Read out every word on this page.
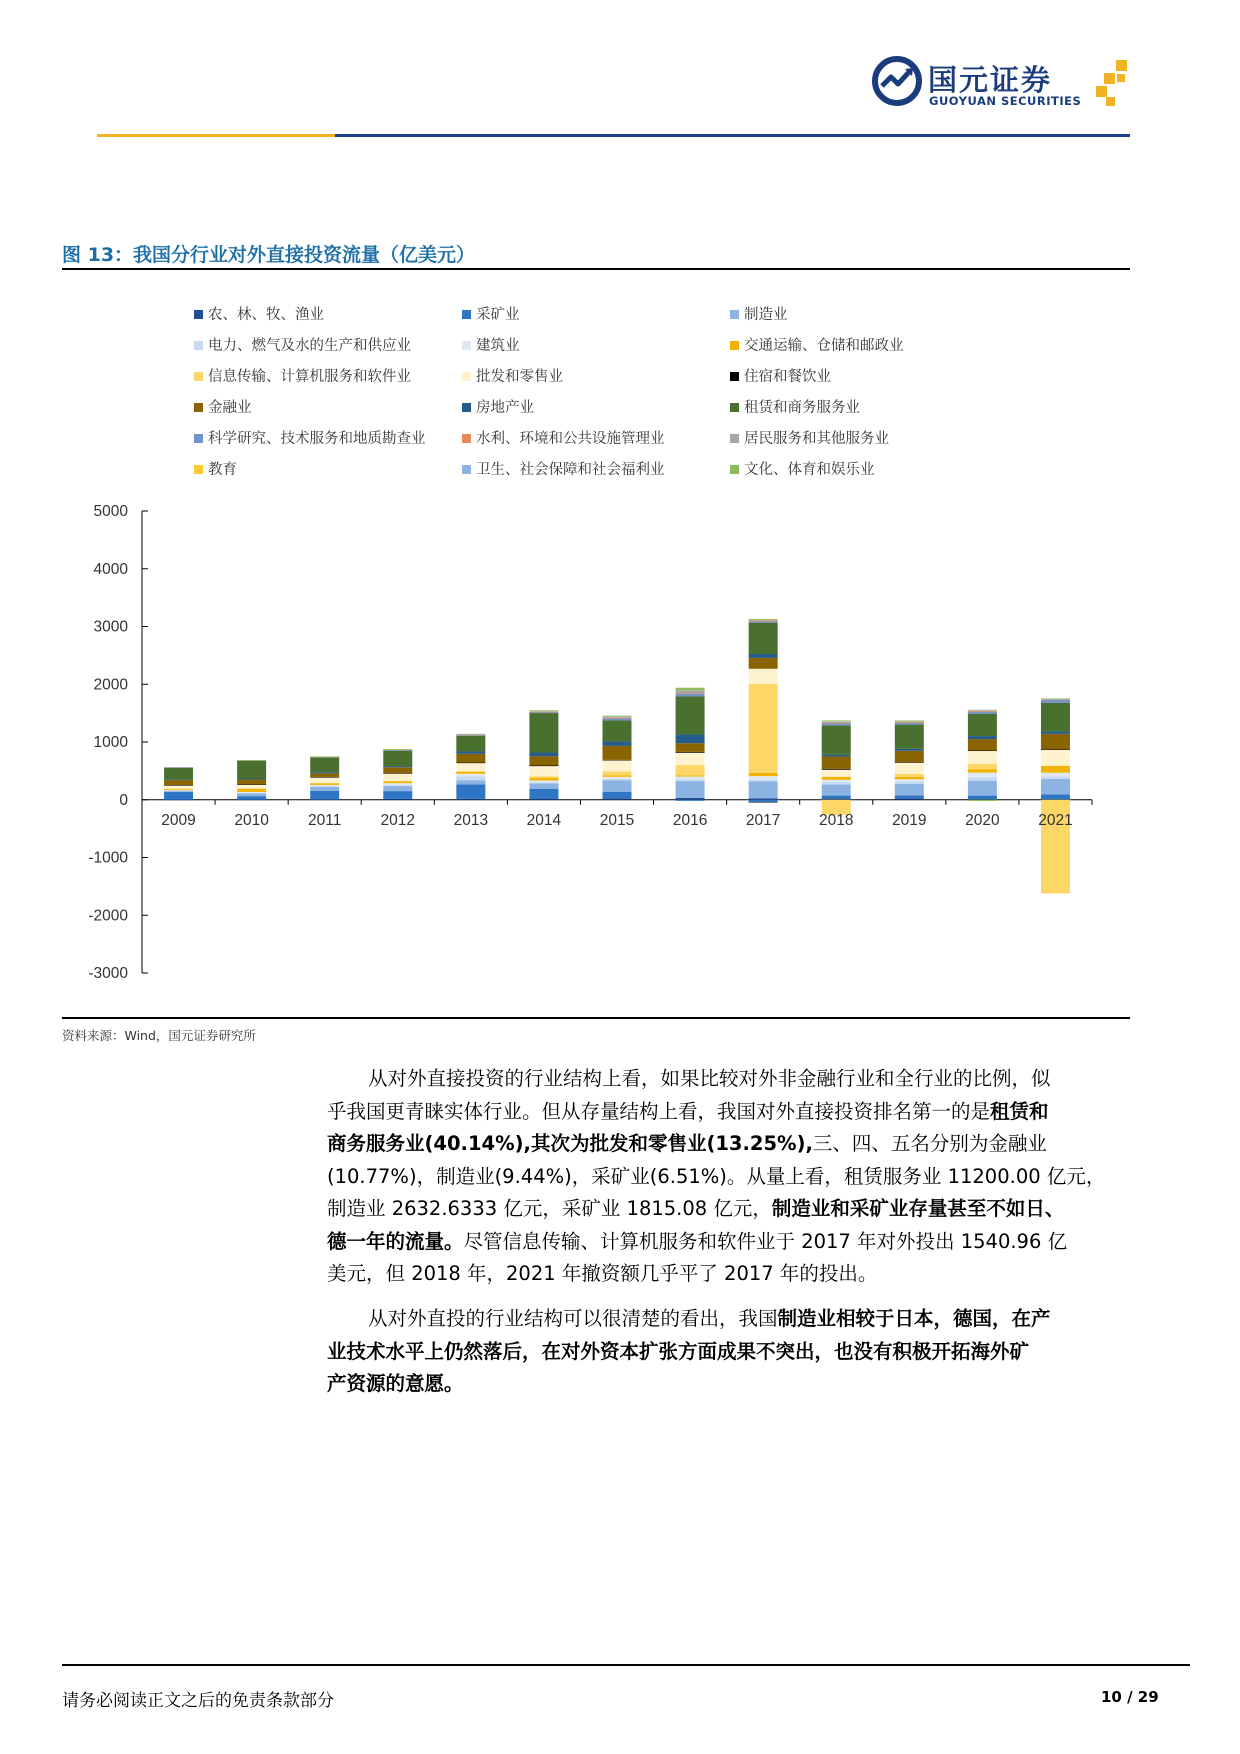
国元证券
GUOYUAN SECURITIES
图 13：我国分行业对外直接投资流量（亿美元）
农、林、牧、渔业	采矿业	制造业
电力、燃气及水的生产和供应业	建筑业	交通运输、仓储和邮政业
信息传输、计算机服务和软件业	批发和零售业	住宿和餐饮业
金融业	房地产业	租赁和商务服务业
科学研究、技术服务和地质勘查业	水利、环境和公共设施管理业	居民服务和其他服务业
教育	卫生、社会保障和社会福利业	文化、体育和娱乐业
5000
4000
3000
2000
1000
0
-1000
-2000
-3000
2009 2010	2011	2012 2013 2014 2015 2016 2017 2018 2019 2020 2021
资料来源：Wind，国元证券研究所
从对外直接投资的行业结构上看，如果比较对外非金融行业和全行业的比例，似
乎我国更青睐实体行业。但从存量结构上看，我国对外直接投资排名第一的是租赁和
商务服务业(40.14%),其次为批发和零售业(13.25%),三、四、五名分别为金融业
(10.77%)，制造业(9.44%)，采矿业(6.51%)。从量上看，租赁服务业 11200.00 亿元，
制造业 2632.6333 亿元，采矿业 1815.08 亿元，制造业和采矿业存量甚至不如日、
德一年的流量。尽管信息传输、计算机服务和软件业于 2017 年对外投出 1540.96 亿
美元，但 2018 年，2021 年撤资额几乎平了 2017 年的投出。
从对外直投的行业结构可以很清楚的看出，我国制造业相较于日本，德国，在产
业技术水平上仍然落后，在对外资本扩张方面成果不突出，也没有积极开拓海外矿
产资源的意愿。
请务必阅读正文之后的免责条款部分	10 / 29
